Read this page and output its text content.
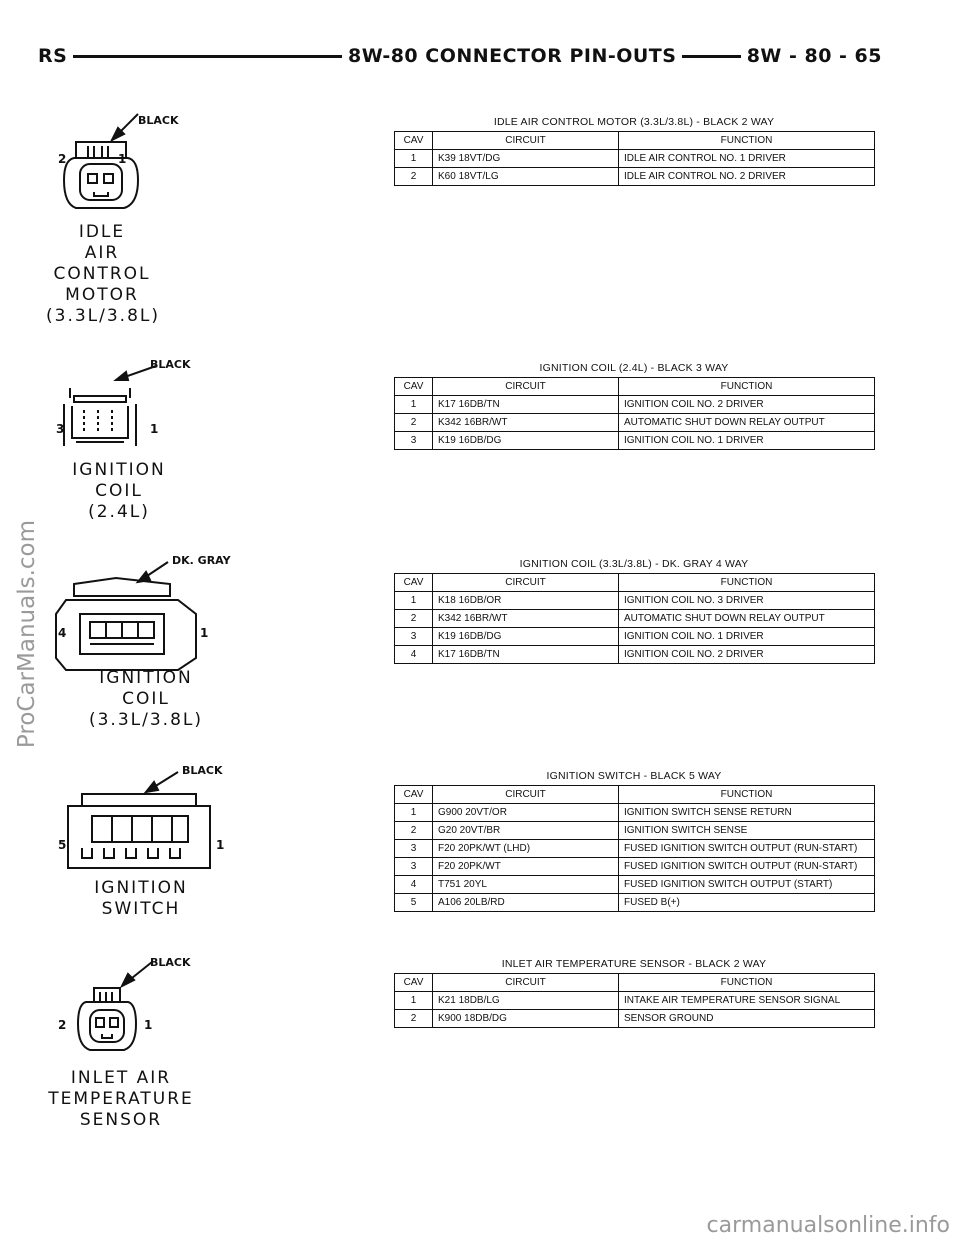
RS	8W-80 CONNECTOR PIN-OUTS	8W - 80 - 65
BLACK
2	1
IDLE
AIR
CONTROL
MOTOR
(3.3L/3.8L)
IDLE AIR CONTROL MOTOR (3.3L/3.8L) - BLACK 2 WAY
CAV	CIRCUIT	FUNCTION
1	K39 18VT/DG	IDLE AIR CONTROL NO. 1 DRIVER
2	K60 18VT/LG	IDLE AIR CONTROL NO. 2 DRIVER
BLACK
3	1
IGNITION
COIL
(2.4L)
IGNITION COIL (2.4L) - BLACK 3 WAY
CAV	CIRCUIT	FUNCTION
1	K17 16DB/TN	IGNITION COIL NO. 2 DRIVER
2	K342 16BR/WT	AUTOMATIC SHUT DOWN RELAY OUTPUT
3	K19 16DB/DG	IGNITION COIL NO. 1 DRIVER
DK. GRAY
4	1
IGNITION
COIL
(3.3L/3.8L)
IGNITION COIL (3.3L/3.8L) - DK. GRAY 4 WAY
CAV	CIRCUIT	FUNCTION
1	K18 16DB/OR	IGNITION COIL NO. 3 DRIVER
2	K342 16BR/WT	AUTOMATIC SHUT DOWN RELAY OUTPUT
3	K19 16DB/DG	IGNITION COIL NO. 1 DRIVER
4	K17 16DB/TN	IGNITION COIL NO. 2 DRIVER
BLACK
5	1
IGNITION
SWITCH
IGNITION SWITCH - BLACK 5 WAY
CAV	CIRCUIT	FUNCTION
1	G900 20VT/OR	IGNITION SWITCH SENSE RETURN
2	G20 20VT/BR	IGNITION SWITCH SENSE
3	F20 20PK/WT (LHD)	FUSED IGNITION SWITCH OUTPUT (RUN-START)
3	F20 20PK/WT	FUSED IGNITION SWITCH OUTPUT (RUN-START)
4	T751 20YL	FUSED IGNITION SWITCH OUTPUT (START)
5	A106 20LB/RD	FUSED B(+)
BLACK
2	1
INLET AIR
TEMPERATURE
SENSOR
INLET AIR TEMPERATURE SENSOR - BLACK 2 WAY
CAV	CIRCUIT	FUNCTION
1	K21 18DB/LG	INTAKE AIR TEMPERATURE SENSOR SIGNAL
2	K900 18DB/DG	SENSOR GROUND
ProCarManuals.com
carmanualsonline.info
